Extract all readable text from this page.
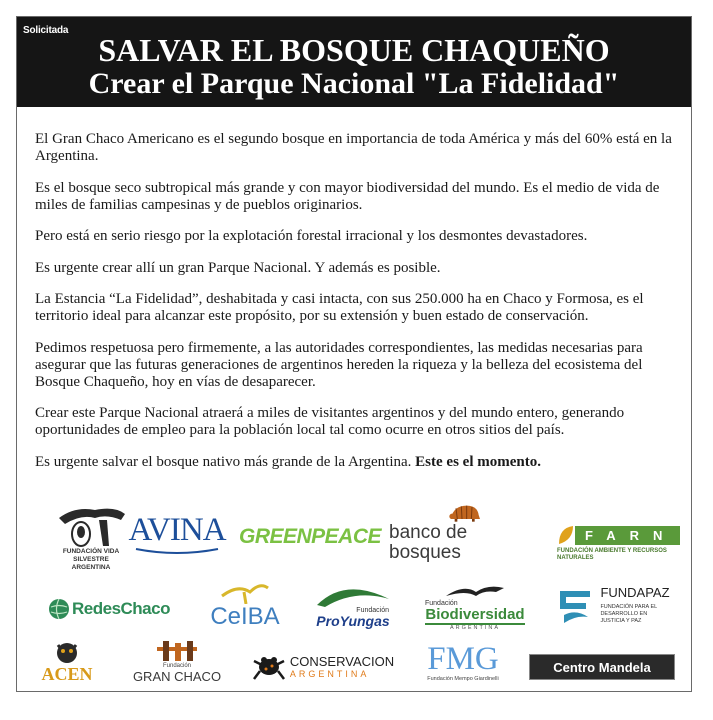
Solicitada
SALVAR EL BOSQUE CHAQUEÑO
Crear el Parque Nacional "La Fidelidad"

El Gran Chaco Americano es el segundo bosque en importancia de toda América y más del 60% está en la Argentina.

Es el bosque seco subtropical más grande y con mayor biodiversidad del mundo. Es el medio de vida de miles de familias campesinas y de pueblos originarios.

Pero está en serio riesgo por la explotación forestal irracional y los desmontes devastadores.

Es urgente crear allí un gran Parque Nacional. Y además es posible.

La Estancia “La Fidelidad”, deshabitada y casi intacta, con sus 250.000 ha en Chaco y Formosa, es el territorio ideal para alcanzar este propósito, por su extensión y buen estado de conservación.

Pedimos respetuosa pero firmemente, a las autoridades correspondientes, las medidas necesarias para asegurar que las futuras generaciones de argentinos hereden la riqueza y la belleza del ecosistema del Bosque Chaqueño, hoy en vías de desaparecer.

Crear este Parque Nacional atraerá a miles de visitantes argentinos y del mundo entero, generando oportunidades de empleo para la población local tal como ocurre en otros sitios del país.

Es urgente salvar el bosque nativo más grande de la Argentina. Este es el momento.

FUNDACIÓN VIDA SILVESTRE ARGENTINA
AVINA GREENPEACE banco de bosques
FARN
FUNDACIÓN AMBIENTE Y RECURSOS NATURALES
RedesChaco CeIBA	Fundación
ProYungas
Fundación
Biodiversidad
ARGENTINA
FUNDAPAZ
FUNDACIÓN PARA EL DESARROLLO EN JUSTICIA Y PAZ
ACEN	Fundación
GRAN CHACO
CONSERVACION
ARGENTINA	FMG
Fundación Mempo Giardinelli
Centro Mandela
